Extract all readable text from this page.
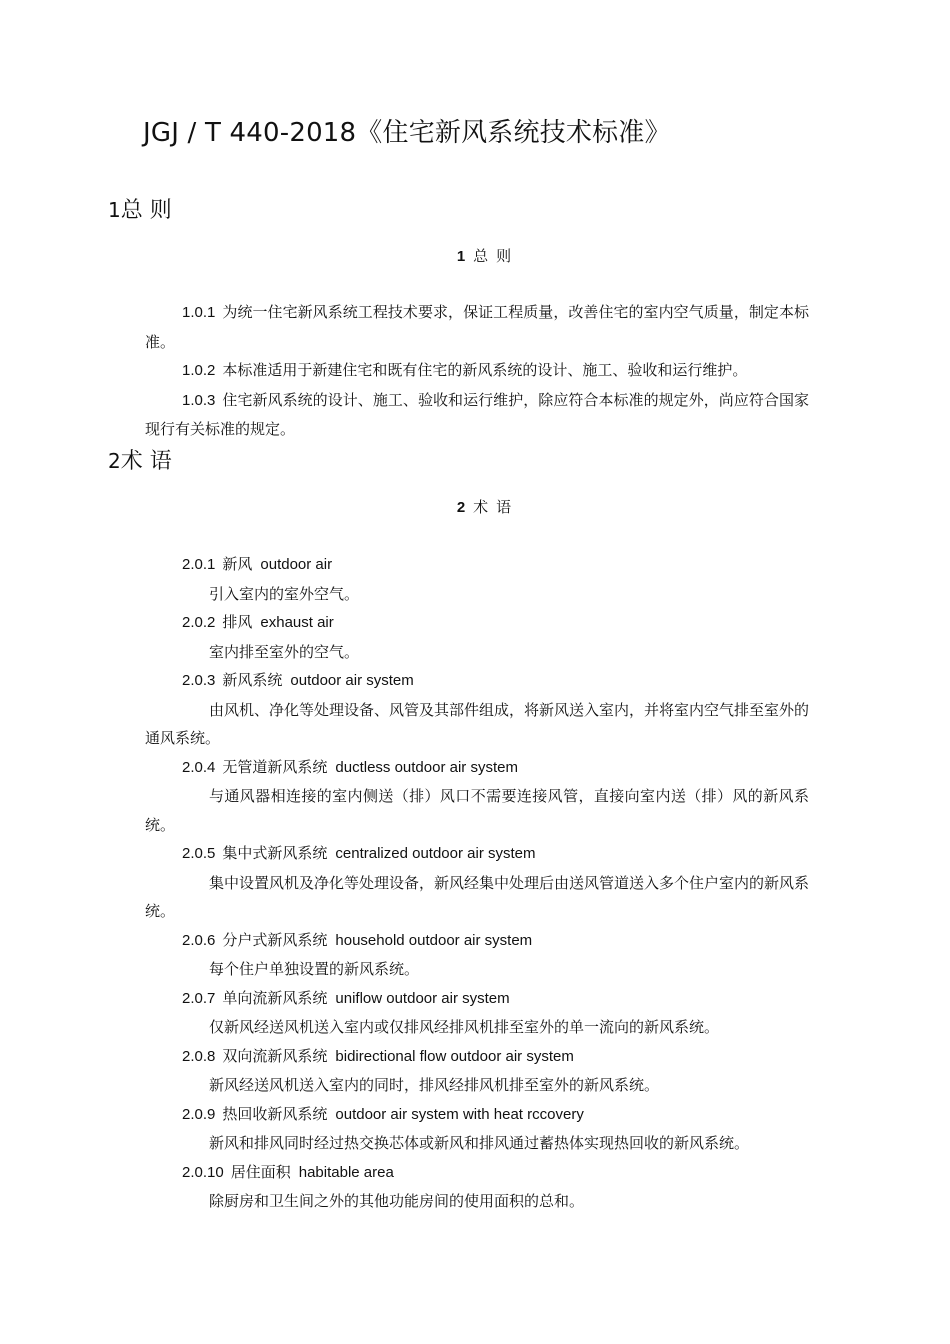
JGJ / T 440-2018《住宅新风系统技术标准》
1总 则
1 总则

1.0.1 为统一住宅新风系统工程技术要求，保证工程质量，改善住宅的室内空气质量，制定本标准。

1.0.2 本标准适用于新建住宅和既有住宅的新风系统的设计、施工、验收和运行维护。

1.0.3 住宅新风系统的设计、施工、验收和运行维护，除应符合本标准的规定外，尚应符合国家现行有关标准的规定。

2术 语
2 术语

2.0.1 新风 outdoor air

引入室内的室外空气。

2.0.2 排风 exhaust air

室内排至室外的空气。

2.0.3 新风系统 outdoor air system

由风机、净化等处理设备、风管及其部件组成，将新风送入室内，并将室内空气排至室外的通风系统。

2.0.4 无管道新风系统 ductless outdoor air system

与通风器相连接的室内侧送（排）风口不需要连接风管，直接向室内送（排）风的新风系统。

2.0.5 集中式新风系统 centralized outdoor air system

集中设置风机及净化等处理设备，新风经集中处理后由送风管道送入多个住户室内的新风系统。

2.0.6 分户式新风系统 household outdoor air system

每个住户单独设置的新风系统。

2.0.7 单向流新风系统 uniflow outdoor air system

仅新风经送风机送入室内或仅排风经排风机排至室外的单一流向的新风系统。

2.0.8 双向流新风系统 bidirectional flow outdoor air system

新风经送风机送入室内的同时，排风经排风机排至室外的新风系统。

2.0.9 热回收新风系统 outdoor air system with heat rccovery

新风和排风同时经过热交换芯体或新风和排风通过蓄热体实现热回收的新风系统。

2.0.10 居住面积 habitable area

除厨房和卫生间之外的其他功能房间的使用面积的总和。
